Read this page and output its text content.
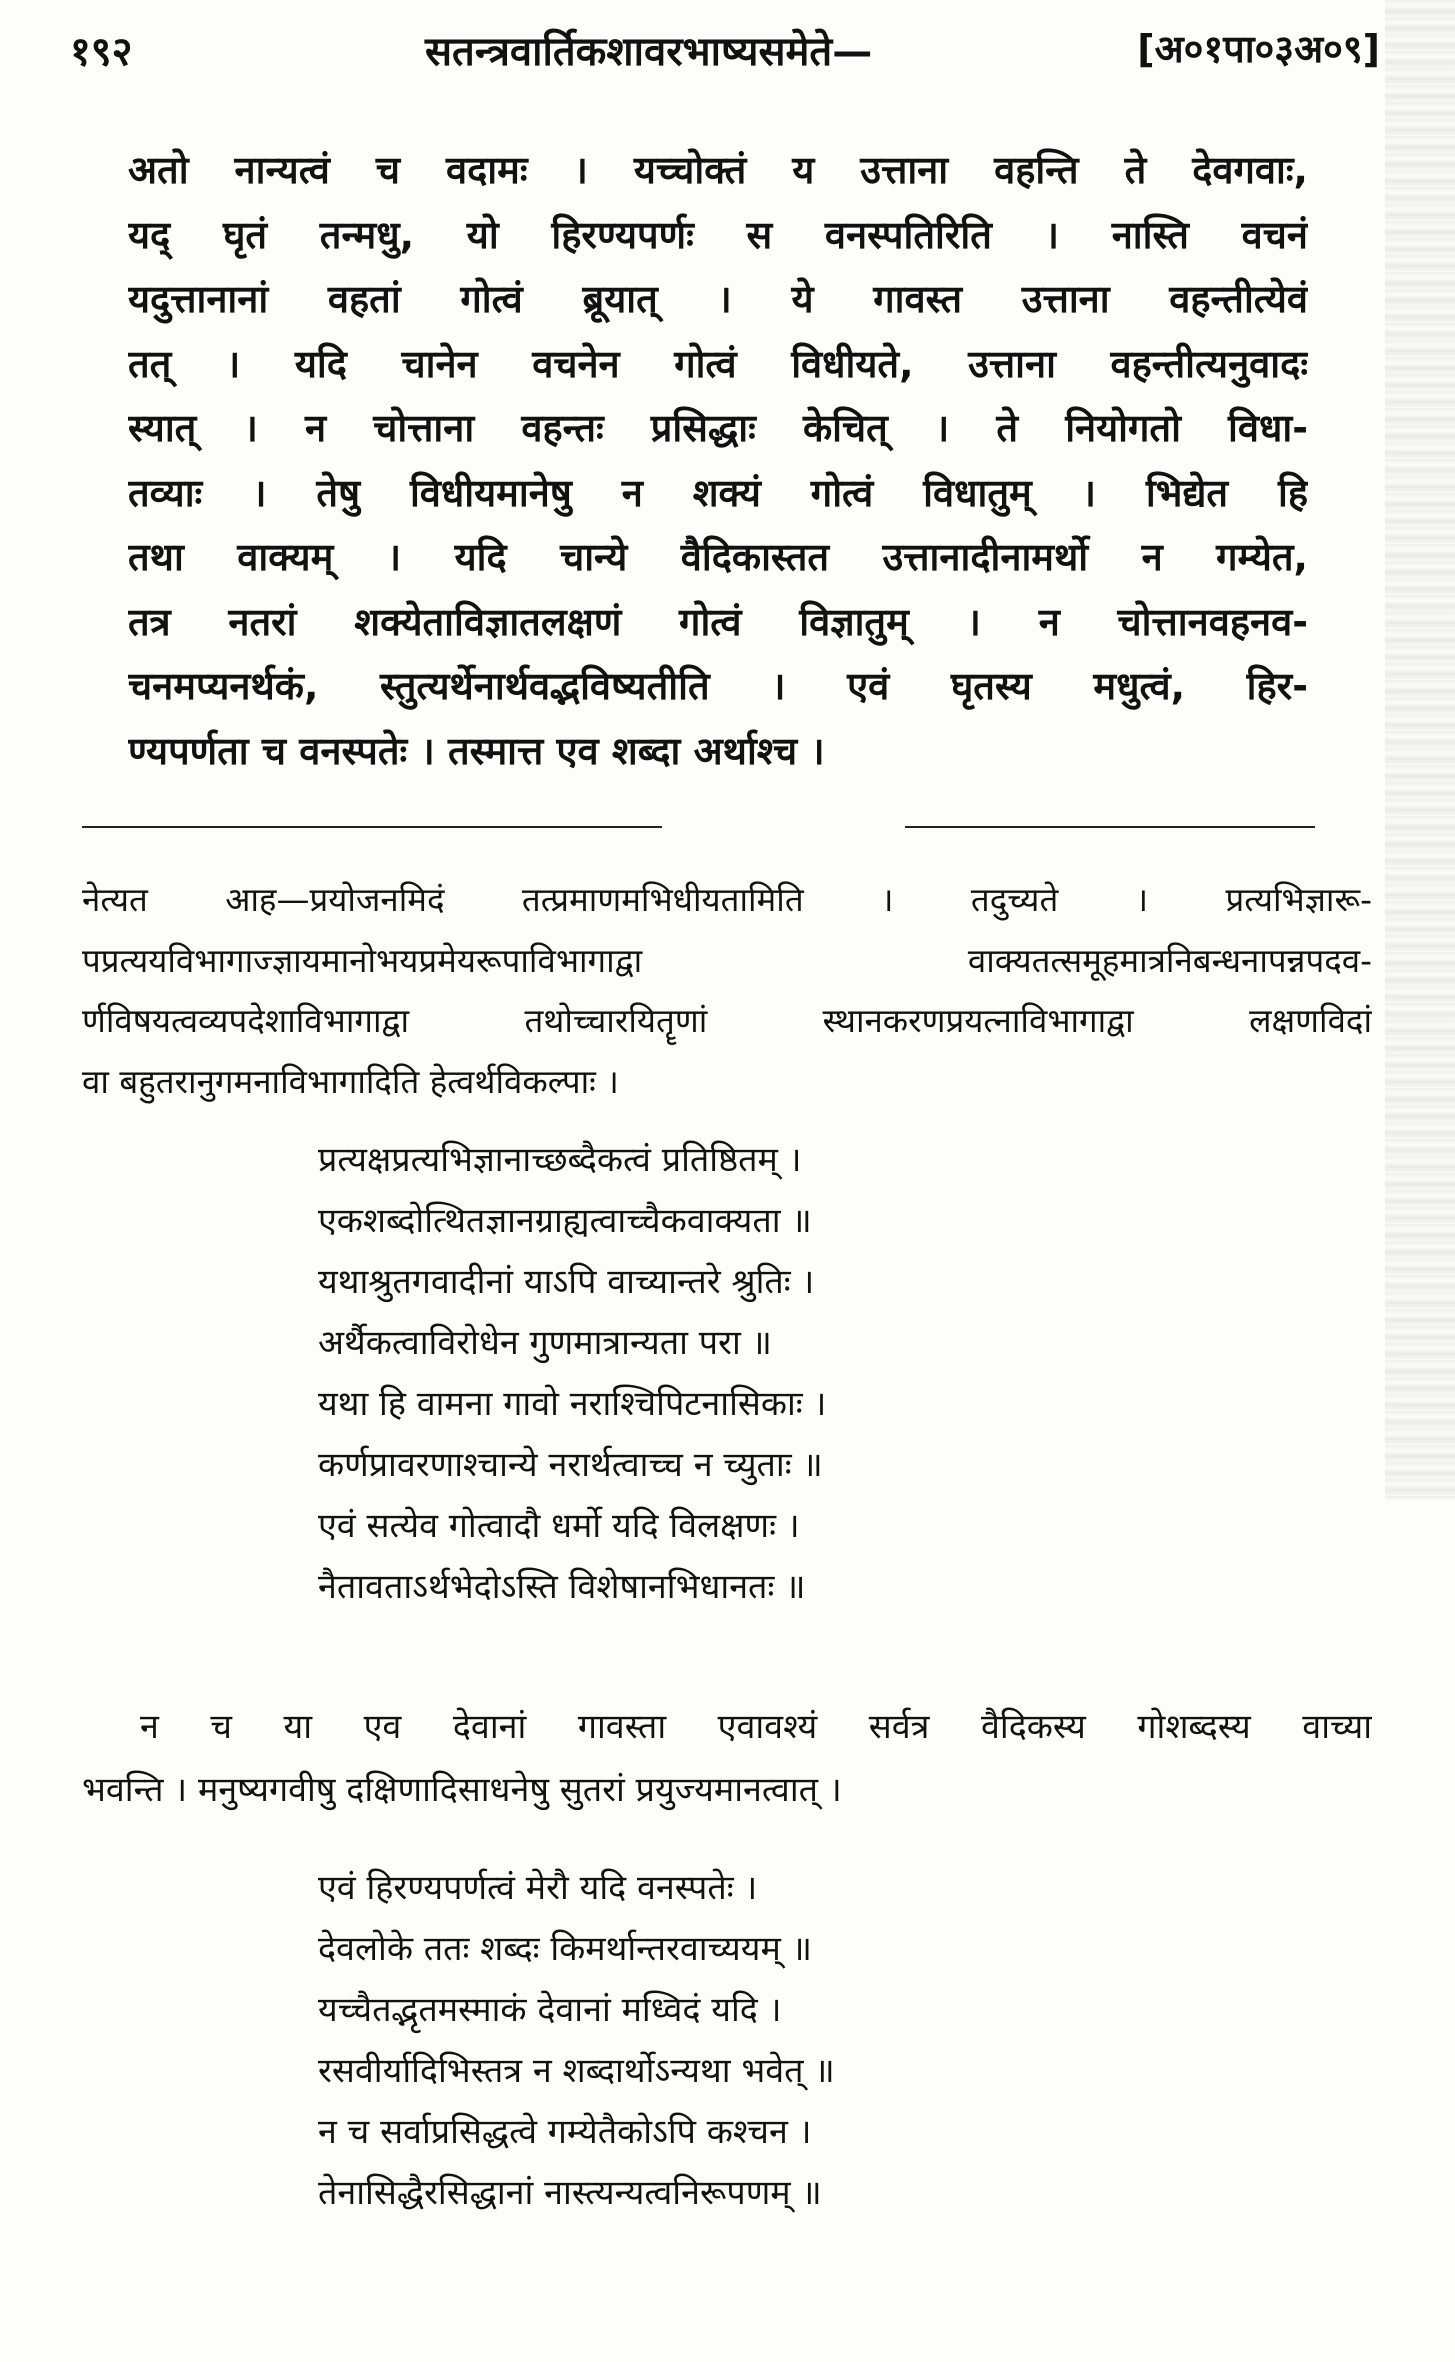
१९२	सतन्त्रवार्तिकशावरभाष्यसमेते—	[अ०१पा०३अ०९]
अतो नान्यत्वं च वदामः । यच्चोक्तं य उत्ताना वहन्ति ते देवगवाः,
यद् घृतं तन्मधु, यो हिरण्यपर्णः स वनस्पतिरिति । नास्ति वचनं
यदुत्तानानां वहतां गोत्वं ब्रूयात् । ये गावस्त उत्ताना वहन्तीत्येवं
तत् । यदि चानेन वचनेन गोत्वं विधीयते, उत्ताना वहन्तीत्यनुवादः
स्यात् । न चोत्ताना वहन्तः प्रसिद्धाः केचित् । ते नियोगतो विधा-
तव्याः । तेषु विधीयमानेषु न शक्यं गोत्वं विधातुम् । भिद्येत हि
तथा वाक्यम् । यदि चान्ये वैदिकास्तत उत्तानादीनामर्थो न गम्येत,
तत्र नतरां शक्येताविज्ञातलक्षणं गोत्वं विज्ञातुम् । न चोत्तानवहनव-
चनमप्यनर्थकं, स्तुत्यर्थेनार्थवद्भविष्यतीति । एवं घृतस्य मधुत्वं, हिर-
ण्यपर्णता च वनस्पतेः । तस्मात्त एव शब्दा अर्थाश्च ।
नेत्यत आह—प्रयोजनमिदं तत्प्रमाणमभिधीयतामिति । तदुच्यते । प्रत्यभिज्ञारू-
पप्रत्ययविभागाज्ज्ञायमानोभयप्रमेयरूपाविभागाद्वा वाक्यतत्समूहमात्रनिबन्धनापन्नपदव-
र्णविषयत्वव्यपदेशाविभागाद्वा तथोच्चारयितॄणां स्थानकरणप्रयत्नाविभागाद्वा लक्षणविदां
वा बहुतरानुगमनाविभागादिति हेत्वर्थविकल्पाः ।
प्रत्यक्षप्रत्यभिज्ञानाच्छब्दैकत्वं प्रतिष्ठितम् ।
एकशब्दोत्थितज्ञानग्राह्यत्वाच्चैकवाक्यता ॥
यथाश्रुतगवादीनां याऽपि वाच्यान्तरे श्रुतिः ।
अर्थैकत्वाविरोधेन गुणमात्रान्यता परा ॥
यथा हि वामना गावो नराश्चिपिटनासिकाः ।
कर्णप्रावरणाश्चान्ये नरार्थत्वाच्च न च्युताः ॥
एवं सत्येव गोत्वादौ धर्मो यदि विलक्षणः ।
नैतावताऽर्थभेदोऽस्ति विशेषानभिधानतः ॥
न च या एव देवानां गावस्ता एवावश्यं सर्वत्र वैदिकस्य गोशब्दस्य वाच्या
भवन्ति । मनुष्यगवीषु दक्षिणादिसाधनेषु सुतरां प्रयुज्यमानत्वात् ।
एवं हिरण्यपर्णत्वं मेरौ यदि वनस्पतेः ।
देवलोके ततः शब्दः किमर्थान्तरवाच्ययम् ॥
यच्चैतद्भृतमस्माकं देवानां मध्विदं यदि ।
रसवीर्यादिभिस्तत्र न शब्दार्थोऽन्यथा भवेत् ॥
न च सर्वाप्रसिद्धत्वे गम्येतैकोऽपि कश्चन ।
तेनासिद्धैरसिद्धानां नास्त्यन्यत्वनिरूपणम् ॥
